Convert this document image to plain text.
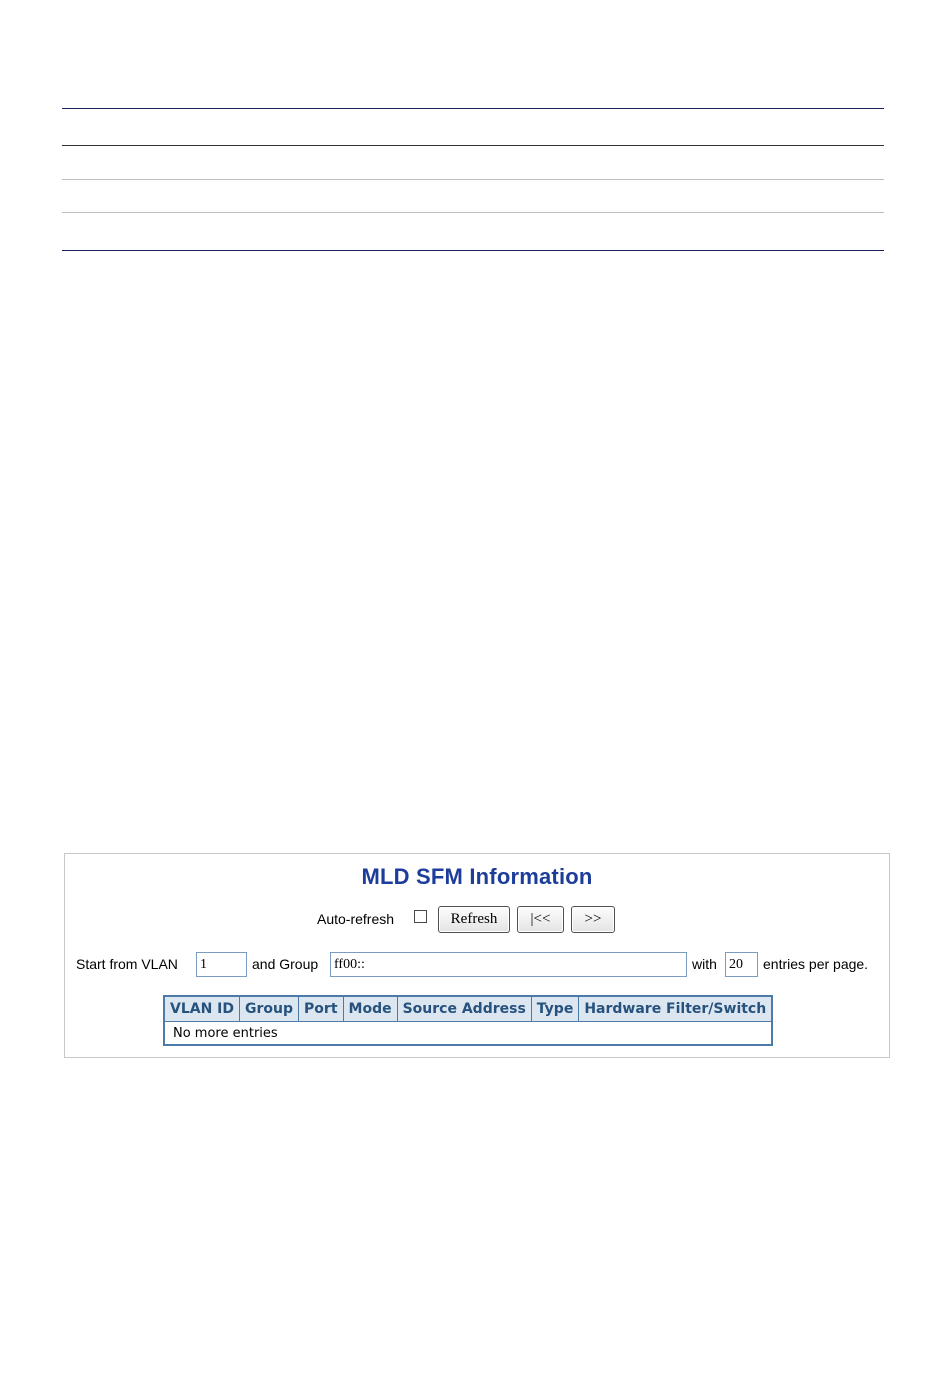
MLD SFM Information
Auto-refresh	Refresh	|<<	>>
Start from VLAN 1	and Group ff00::	with 20	entries per page.
VLAN ID	Group	Port	Mode	Source Address	Type	Hardware Filter/Switch
No more entries
